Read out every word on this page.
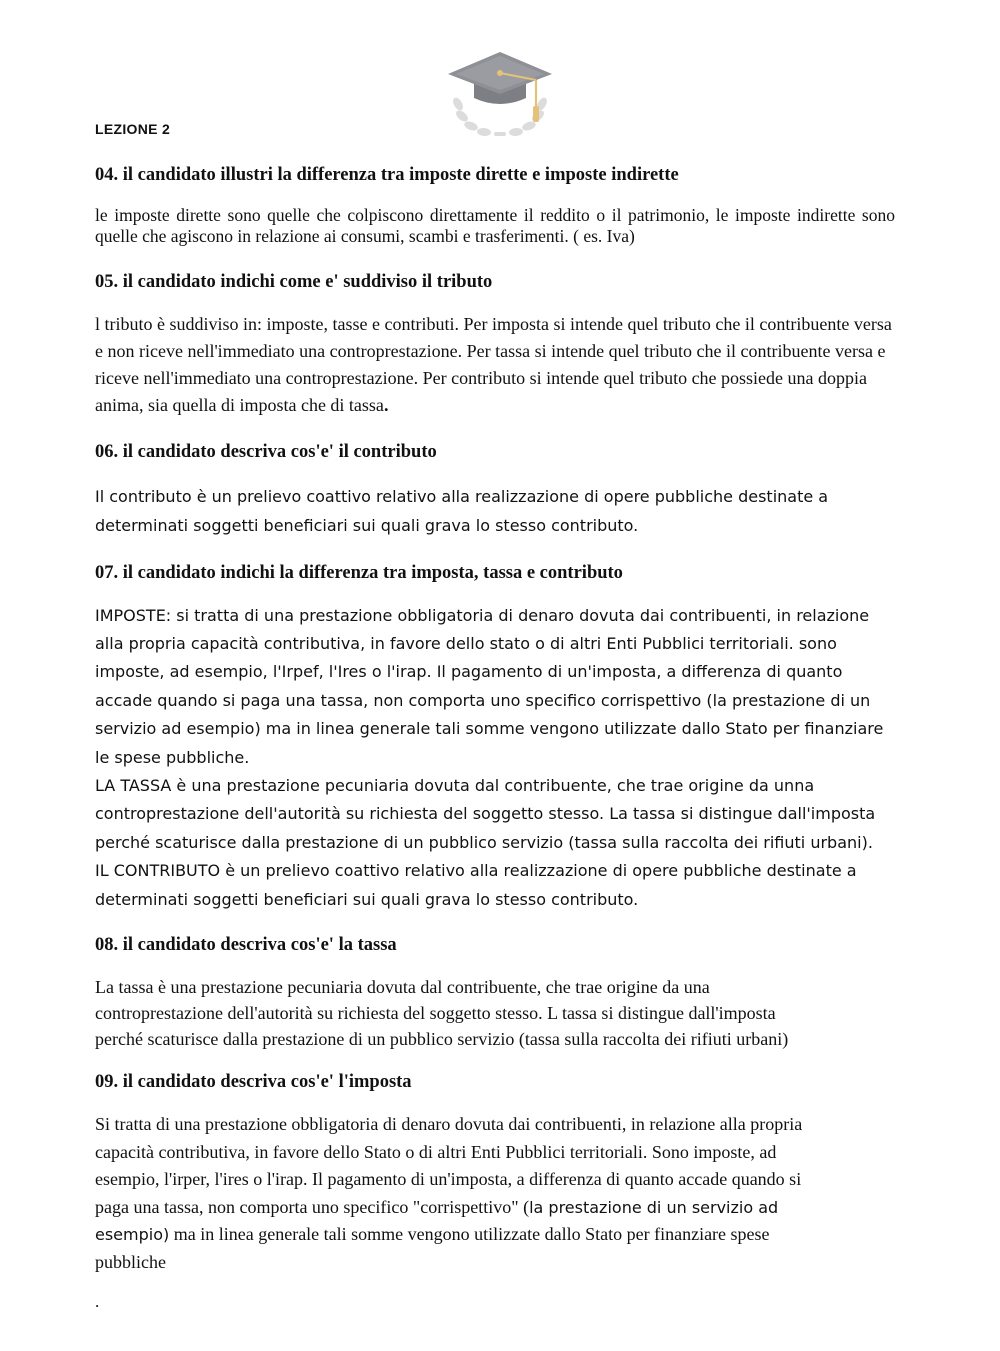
LEZIONE 2
04. il candidato illustri la differenza tra imposte dirette e imposte indirette

le imposte dirette sono quelle che colpiscono direttamente il reddito o il patrimonio, le imposte indirette sono quelle che agiscono in relazione ai consumi, scambi e trasferimenti. ( es. Iva)

05. il candidato indichi come e' suddiviso il tributo

l tributo è suddiviso in: imposte, tasse e contributi. Per imposta si intende quel tributo che il contribuente versa e non riceve nell'immediato una controprestazione. Per tassa si intende quel tributo che il contribuente versa e riceve nell'immediato una controprestazione. Per contributo si intende quel tributo che possiede una doppia anima, sia quella di imposta che di tassa.

06. il candidato descriva cos'e' il contributo

Il contributo è un prelievo coattivo relativo alla realizzazione di opere pubbliche destinate a determinati soggetti beneficiari sui quali grava lo stesso contributo.

07. il candidato indichi la differenza tra imposta, tassa e contributo
IMPOSTE: si tratta di una prestazione obbligatoria di denaro dovuta dai contribuenti, in relazione
alla propria capacità contributiva, in favore dello stato o di altri Enti Pubblici territoriali. sono
imposte, ad esempio, l'Irpef, l'Ires o l'irap. Il pagamento di un'imposta, a differenza di quanto
accade quando si paga una tassa, non comporta uno specifico corrispettivo (la prestazione di un
servizio ad esempio) ma in linea generale tali somme vengono utilizzate dallo Stato per finanziare
le spese pubbliche.
LA TASSA è una prestazione pecuniaria dovuta dal contribuente, che trae origine da unna
controprestazione dell'autorità su richiesta del soggetto stesso. La tassa si distingue dall'imposta
perché scaturisce dalla prestazione di un pubblico servizio (tassa sulla raccolta dei rifiuti urbani).
IL CONTRIBUTO è un prelievo coattivo relativo alla realizzazione di opere pubbliche destinate a
determinati soggetti beneficiari sui quali grava lo stesso contributo.
08. il candidato descriva cos'e' la tassa
La tassa è una prestazione pecuniaria dovuta dal contribuente, che trae origine da una
controprestazione dell'autorità su richiesta del soggetto stesso. L tassa si distingue dall'imposta
perché scaturisce dalla prestazione di un pubblico servizio (tassa sulla raccolta dei rifiuti urbani)
09. il candidato descriva cos'e' l'imposta
Si tratta di una prestazione obbligatoria di denaro dovuta dai contribuenti, in relazione alla propria
capacità contributiva, in favore dello Stato o di altri Enti Pubblici territoriali. Sono imposte, ad
esempio, l'irper, l'ires o l'irap. Il pagamento di un'imposta, a differenza di quanto accade quando si
paga una tassa, non comporta uno specifico "corrispettivo" (la prestazione di un servizio ad
esempio) ma in linea generale tali somme vengono utilizzate dallo Stato per finanziare spese
pubbliche
.
